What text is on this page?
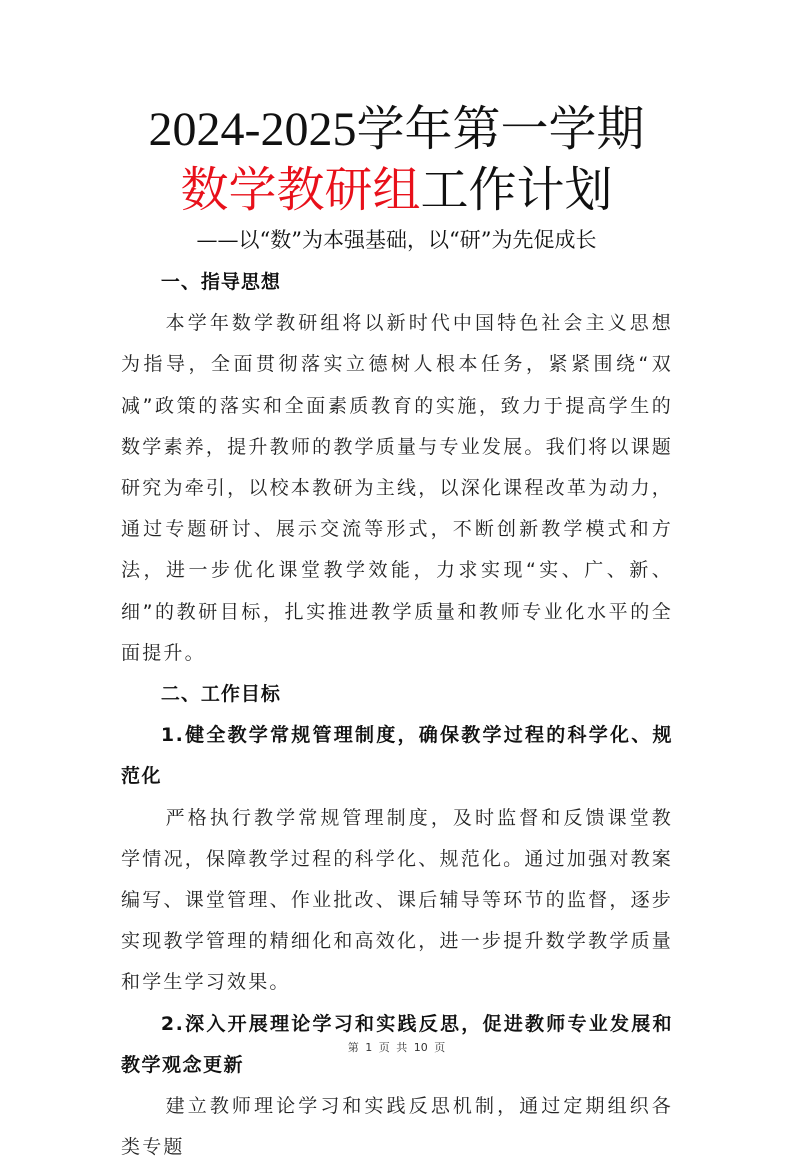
2024-2025学年第一学期
数学教研组工作计划
——以“数”为本强基础，以“研”为先促成长

一、指导思想

本学年数学教研组将以新时代中国特色社会主义思想为指导，全面贯彻落实立德树人根本任务，紧紧围绕“双减”政策的落实和全面素质教育的实施，致力于提高学生的数学素养，提升教师的教学质量与专业发展。我们将以课题研究为牵引，以校本教研为主线，以深化课程改革为动力，通过专题研讨、展示交流等形式，不断创新教学模式和方法，进一步优化课堂教学效能，力求实现“实、广、新、细”的教研目标，扎实推进教学质量和教师专业化水平的全面提升。

二、工作目标

1.健全教学常规管理制度，确保教学过程的科学化、规范化

严格执行教学常规管理制度，及时监督和反馈课堂教学情况，保障教学过程的科学化、规范化。通过加强对教案编写、课堂管理、作业批改、课后辅导等环节的监督，逐步实现教学管理的精细化和高效化，进一步提升数学教学质量和学生学习效果。

2.深入开展理论学习和实践反思，促进教师专业发展和教学观念更新

建立教师理论学习和实践反思机制，通过定期组织各类专题

第 1 页 共 10 页
